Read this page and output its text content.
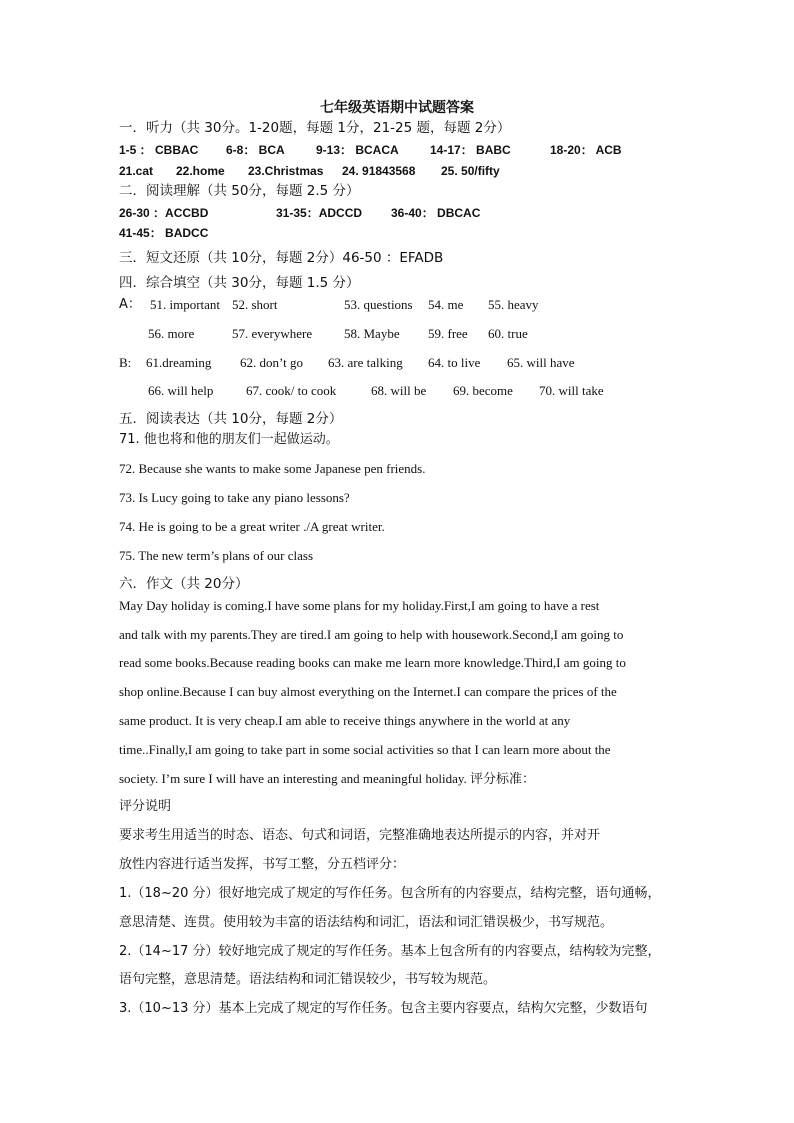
七年级英语期中试题答案
一．听力（共 30分。1-20题，每题 1分，21-25 题，每题 2分）
1-5 ： CBBAC 6-8： BCA	9-13： BCACA	14-17： BABC	18-20： ACB
21.cat 22.home 23.Christmas 24. 91843568 25. 50/fifty
二．阅读理解（共 50分，每题 2.5 分）
26-30 ：ACCBD	31-35：ADCCD 36-40： DBCAC
41-45： BADCC
三．短文还原（共 10分，每题 2分）46-50 ：EFADB
四．综合填空（共 30分，每题 1.5 分）
A： 51. important 52. short	53. questions 54. me 55. heavy
56. more	57. everywhere 58. Maybe 59. free 60. true
B: 61.dreaming 62. don’t go 63. are talking 64. to live 65. will have
66. will help	67. cook/ to cook	68. will be 69. become 70. will take
五．阅读表达（共 10分，每题 2分）
71. 他也将和他的朋友们一起做运动。
72. Because she wants to make some Japanese pen friends.
73. Is Lucy going to take any piano lessons?
74. He is going to be a great writer ./A great writer.
75. The new term’s plans of our class
六．作文（共 20分）
May Day holiday is coming.I have some plans for my holiday.First,I am going to have a rest
and talk with my parents.They are tired.I am going to help with housework.Second,I am going to
read some books.Because reading books can make me learn more knowledge.Third,I am going to
shop online.Because I can buy almost everything on the Internet.I can compare the prices of the
same product. It is very cheap.I am able to receive things anywhere in the world at any
time..Finally,I am going to take part in some social activities so that I can learn more about the
society. I’m sure I will have an interesting and meaningful holiday. 评分标准：
评分说明
要求考生用适当的时态、语态、句式和词语，完整准确地表达所提示的内容，并对开
放性内容进行适当发挥，书写工整，分五档评分：
1.（18~20 分）很好地完成了规定的写作任务。包含所有的内容要点，结构完整，语句通畅，
意思清楚、连贯。使用较为丰富的语法结构和词汇，语法和词汇错误极少，书写规范。
2.（14~17 分）较好地完成了规定的写作任务。基本上包含所有的内容要点，结构较为完整，
语句完整，意思清楚。语法结构和词汇错误较少，书写较为规范。
3.（10~13 分）基本上完成了规定的写作任务。包含主要内容要点，结构欠完整，少数语句
